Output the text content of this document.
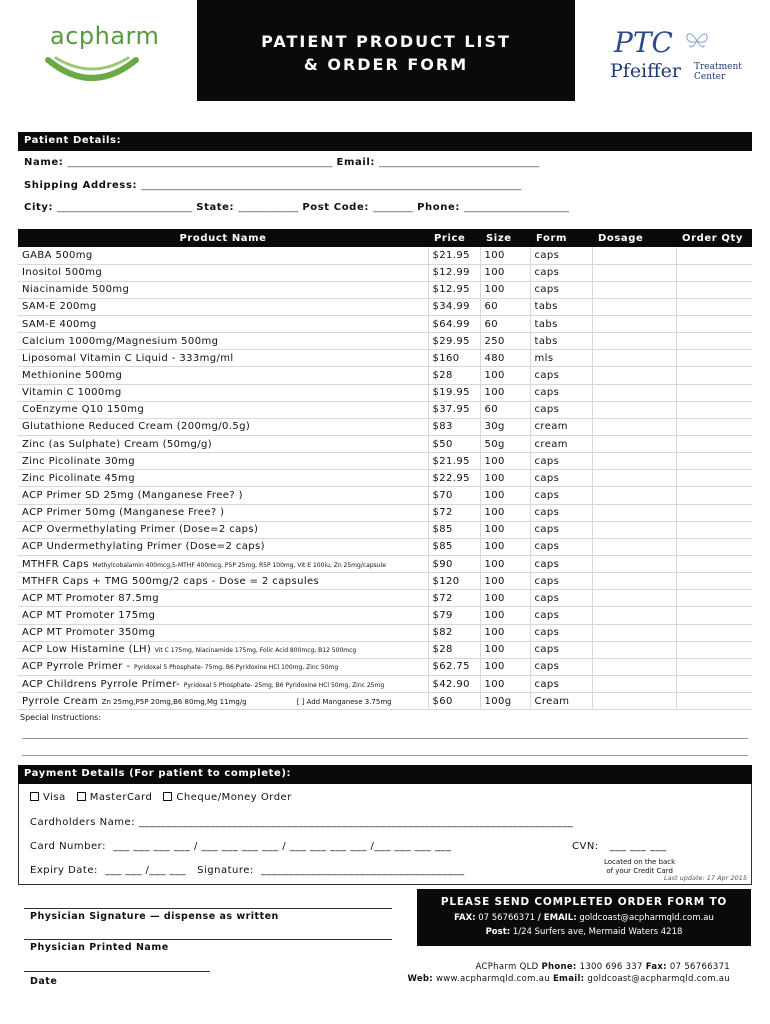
acpharm	PATIENT PRODUCT LIST
& ORDER FORM
PTC
Pfeiffer Treatment
Center
Patient Details:
Name: _____________________________________________________ Email: ________________________________
Shipping Address: ____________________________________________________________________________
City: ___________________________ State: ____________ Post Code: ________ Phone: _____________________
Product Name	Price	Size	Form	Dosage	Order Qty
GABA 500mg	$21.95	100	caps		
Inositol 500mg	$12.99	100	caps		
Niacinamide 500mg	$12.95	100	caps		
SAM-E 200mg	$34.99	60	tabs		
SAM-E 400mg	$64.99	60	tabs		
Calcium 1000mg/Magnesium 500mg	$29.95	250	tabs		
Liposomal Vitamin C Liquid - 333mg/ml	$160	480	mls		
Methionine 500mg	$28	100	caps		
Vitamin C 1000mg	$19.95	100	caps		
CoEnzyme Q10 150mg	$37.95	60	caps		
Glutathione Reduced Cream (200mg/0.5g)	$83	30g	cream		
Zinc (as Sulphate) Cream (50mg/g)	$50	50g	cream		
Zinc Picolinate 30mg	$21.95	100	caps		
Zinc Picolinate 45mg	$22.95	100	caps		
ACP Primer SD 25mg (Manganese Free? )	$70	100	caps		
ACP Primer 50mg (Manganese Free? )	$72	100	caps		
ACP Overmethylating Primer (Dose=2 caps)	$85	100	caps		
ACP Undermethylating Primer (Dose=2 caps)	$85	100	caps		
MTHFR Caps Methylcobalamin 400mcg,5-MTHF 400mcg, P5P 25mg, R5P 100mg, Vit E 100iu, Zn 25mg/capsule	$90	100	caps		
MTHFR Caps + TMG 500mg/2 caps - Dose = 2 capsules	$120	100	caps		
ACP MT Promoter 87.5mg	$72	100	caps		
ACP MT Promoter 175mg	$79	100	caps		
ACP MT Promoter 350mg	$82	100	caps		
ACP Low Histamine (LH) Vit C 175mg, Niacinamide 175mg, Folic Acid 800mcg, B12 500mcg	$28	100	caps		
ACP Pyrrole Primer - Pyridoxal 5 Phosphate- 75mg, B6 Pyridoxine HCl 100mg, Zinc 50mg	$62.75	100	caps		
ACP Childrens Pyrrole Primer- Pyridoxal 5 Phosphate- 25mg, B6 Pyridoxine HCl 50mg, Zinc 25mg	$42.90	100	caps		
Pyrrole Cream Zn 25mg,P5P 20mg,B6 80mg,Mg 11mg/g [ ] Add Manganese 3.75mg	$60	100g	Cream		
Special Instructions:
Payment Details (For patient to complete):
Visa MasterCard Cheque/Money Order
Cardholders Name: _______________________________________________________________________________
Card Number: ___ ___ ___ ___ / ___ ___ ___ ___ / ___ ___ ___ ___ /___ ___ ___ ___	CVN: ___ ___ ___
Located on the back
of your Credit Card
Expiry Date: ___ ___ /___ ___ Signature: _____________________________________
Last update: 17 Apr 2015
Physician Signature — dispense as written
Physician Printed Name
Date
PLEASE SEND COMPLETED ORDER FORM TO
FAX: 07 56766371 / EMAIL: goldcoast@acpharmqld.com.au
Post: 1/24 Surfers ave, Mermaid Waters 4218
ACPharm QLD Phone: 1300 696 337 Fax: 07 56766371
Web: www.acpharmqld.com.au Email: goldcoast@acpharmqld.com.au
